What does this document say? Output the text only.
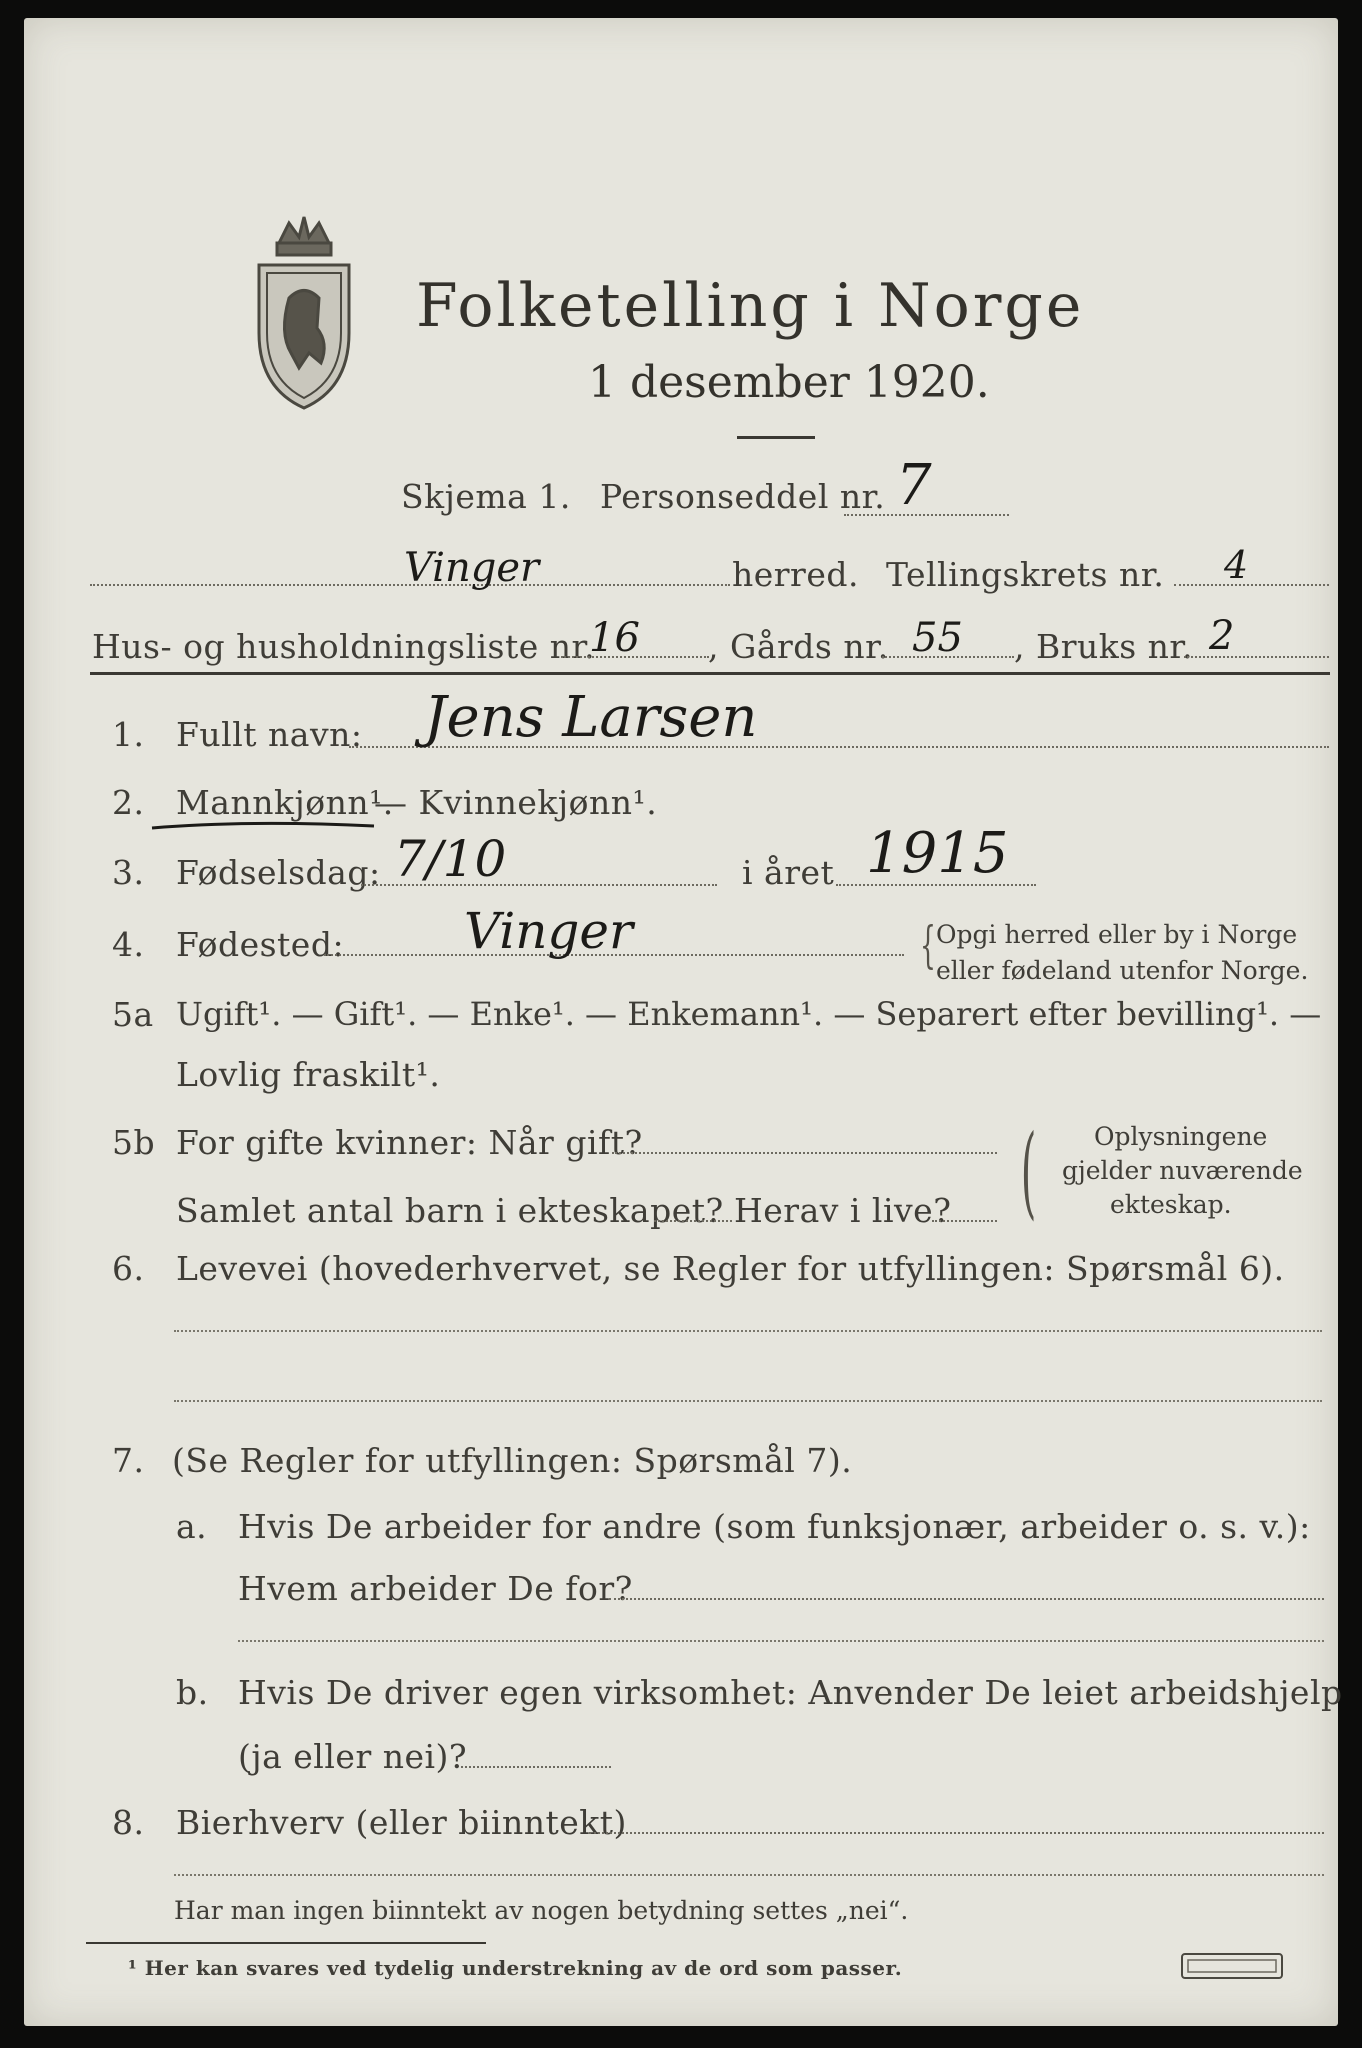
Folketelling i Norge
1 desember 1920.
Skjema 1. Personseddel nr. 7
Vinger	herred. Tellingskrets nr. 4
Hus- og husholdningsliste nr.
16 , Gårds nr. 55 , Bruks nr. 2
1. Fullt navn: Jens Larsen
2. Mannkjønn¹.
— Kvinnekjønn¹.
3. Fødselsdag: 7/10	i året 1915
4. Fødested: Vinger	{ Opgi herred eller by i Norge
eller fødeland utenfor Norge.
5a Ugift¹. — Gift¹. — Enke¹. — Enkemann¹. — Separert efter bevilling¹. —
Lovlig fraskilt¹.
5b For gifte kvinner: Når gift?
Samlet antal barn i ekteskapet? Herav i live? ( Oplysningene
gjelder nuværende
ekteskap.
6. Levevei (hovederhvervet, se Regler for utfyllingen: Spørsmål 6).
7. (Se Regler for utfyllingen: Spørsmål 7).
a. Hvis De arbeider for andre (som funksjonær, arbeider o. s. v.):
Hvem arbeider De for?
b. Hvis De driver egen virksomhet: Anvender De leiet arbeidshjelp
(ja eller nei)?
8. Bierhverv (eller biinntekt)
Har man ingen biinntekt av nogen betydning settes „nei“.
¹ Her kan svares ved tydelig understrekning av de ord som passer.
